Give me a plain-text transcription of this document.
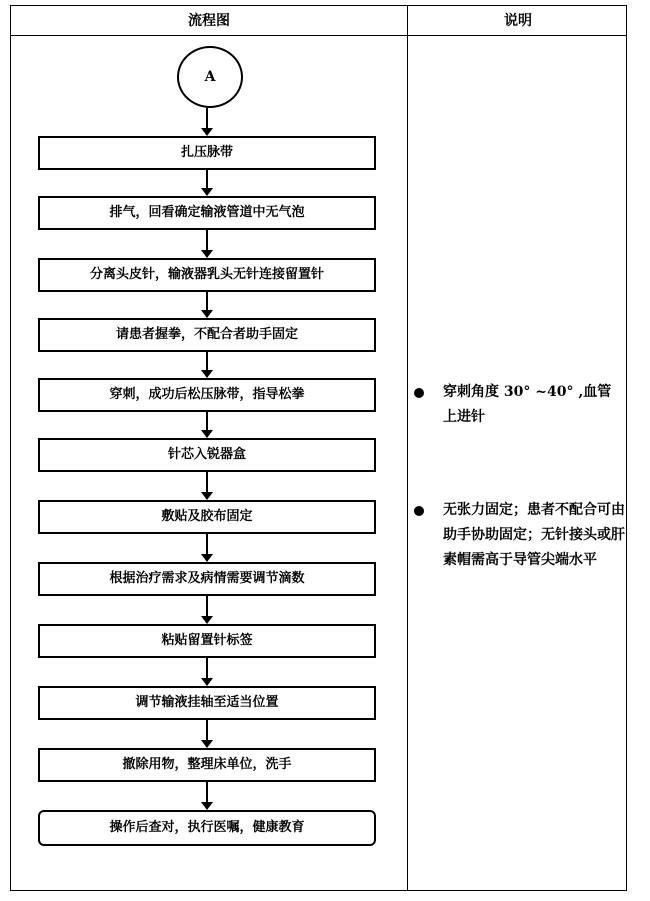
流程图	说明
A
扎压脉带
排气，回看确定输液管道中无气泡
分离头皮针，输液器乳头无针连接留置针
请患者握拳，不配合者助手固定
穿刺，成功后松压脉带，指导松拳
针芯入锐器盒
敷贴及胶布固定
根据治疗需求及病情需要调节滴数
粘贴留置针标签
调节输液挂轴至适当位置
撤除用物，整理床单位，洗手
操作后查对，执行医嘱，健康教育
穿刺角度 30° ~40° ,血管上进针
无张力固定；患者不配合可由助手协助固定；无针接头或肝素帽需高于导管尖端水平
